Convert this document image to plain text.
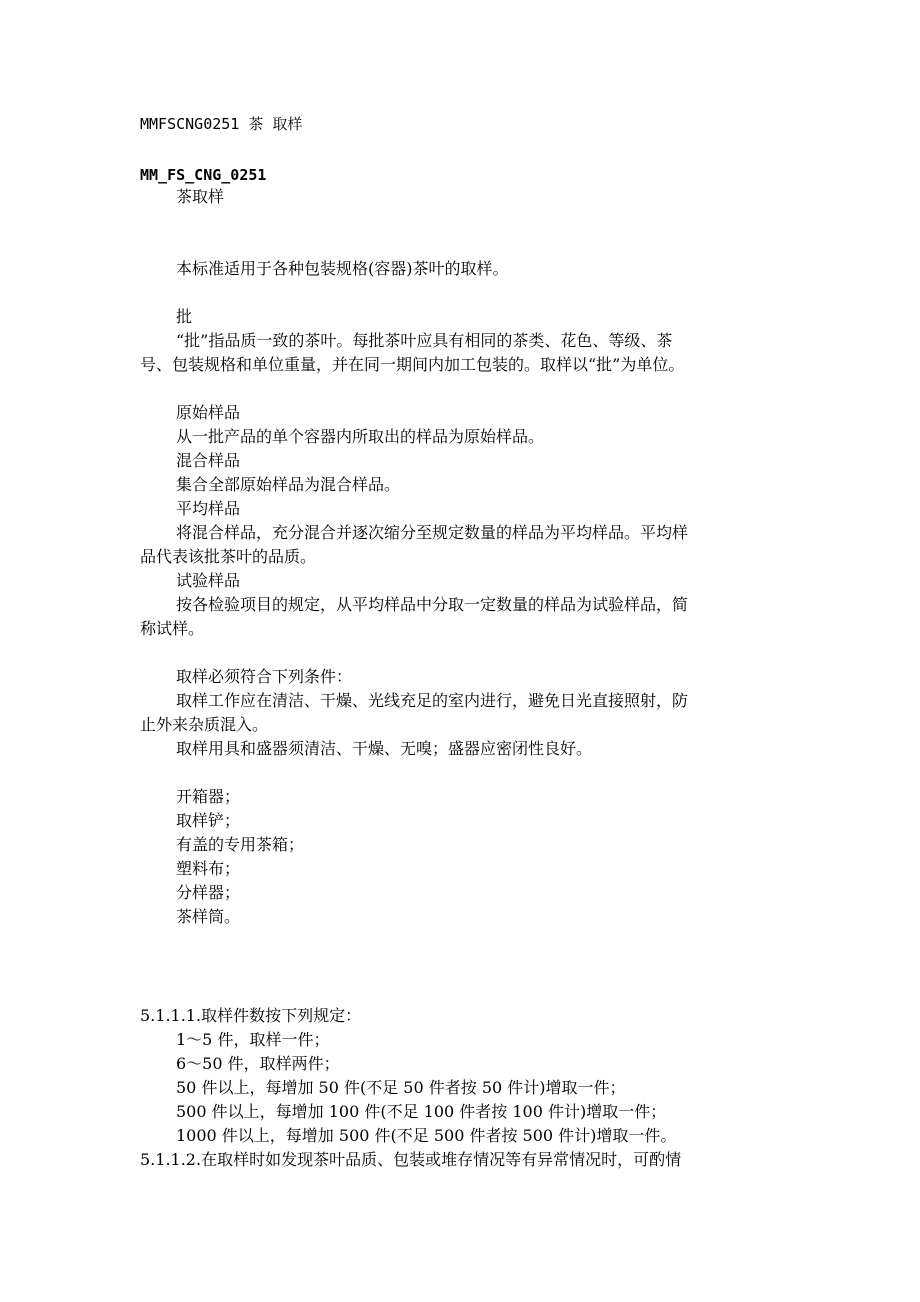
MMFSCNG0251 茶 取样
MM_FS_CNG_0251
茶取样
本标准适用于各种包装规格(容器)茶叶的取样。
批
“批”指品质一致的茶叶。每批茶叶应具有相同的茶类、花色、等级、茶
号、包装规格和单位重量，并在同一期间内加工包装的。取样以“批”为单位。
原始样品
从一批产品的单个容器内所取出的样品为原始样品。
混合样品
集合全部原始样品为混合样品。
平均样品
将混合样品，充分混合并逐次缩分至规定数量的样品为平均样品。平均样
品代表该批茶叶的品质。
试验样品
按各检验项目的规定，从平均样品中分取一定数量的样品为试验样品，简
称试样。
取样必须符合下列条件：
取样工作应在清洁、干燥、光线充足的室内进行，避免日光直接照射，防
止外来杂质混入。
取样用具和盛器须清洁、干燥、无嗅；盛器应密闭性良好。
开箱器；
取样铲；
有盖的专用茶箱；
塑料布；
分样器；
茶样筒。
5.1.1.1.取样件数按下列规定：
1～5 件，取样一件；
6～50 件，取样两件；
50 件以上，每增加 50 件(不足 50 件者按 50 件计)增取一件；
500 件以上，每增加 100 件(不足 100 件者按 100 件计)增取一件；
1000 件以上，每增加 500 件(不足 500 件者按 500 件计)增取一件。
5.1.1.2.在取样时如发现茶叶品质、包装或堆存情况等有异常情况时，可酌情
